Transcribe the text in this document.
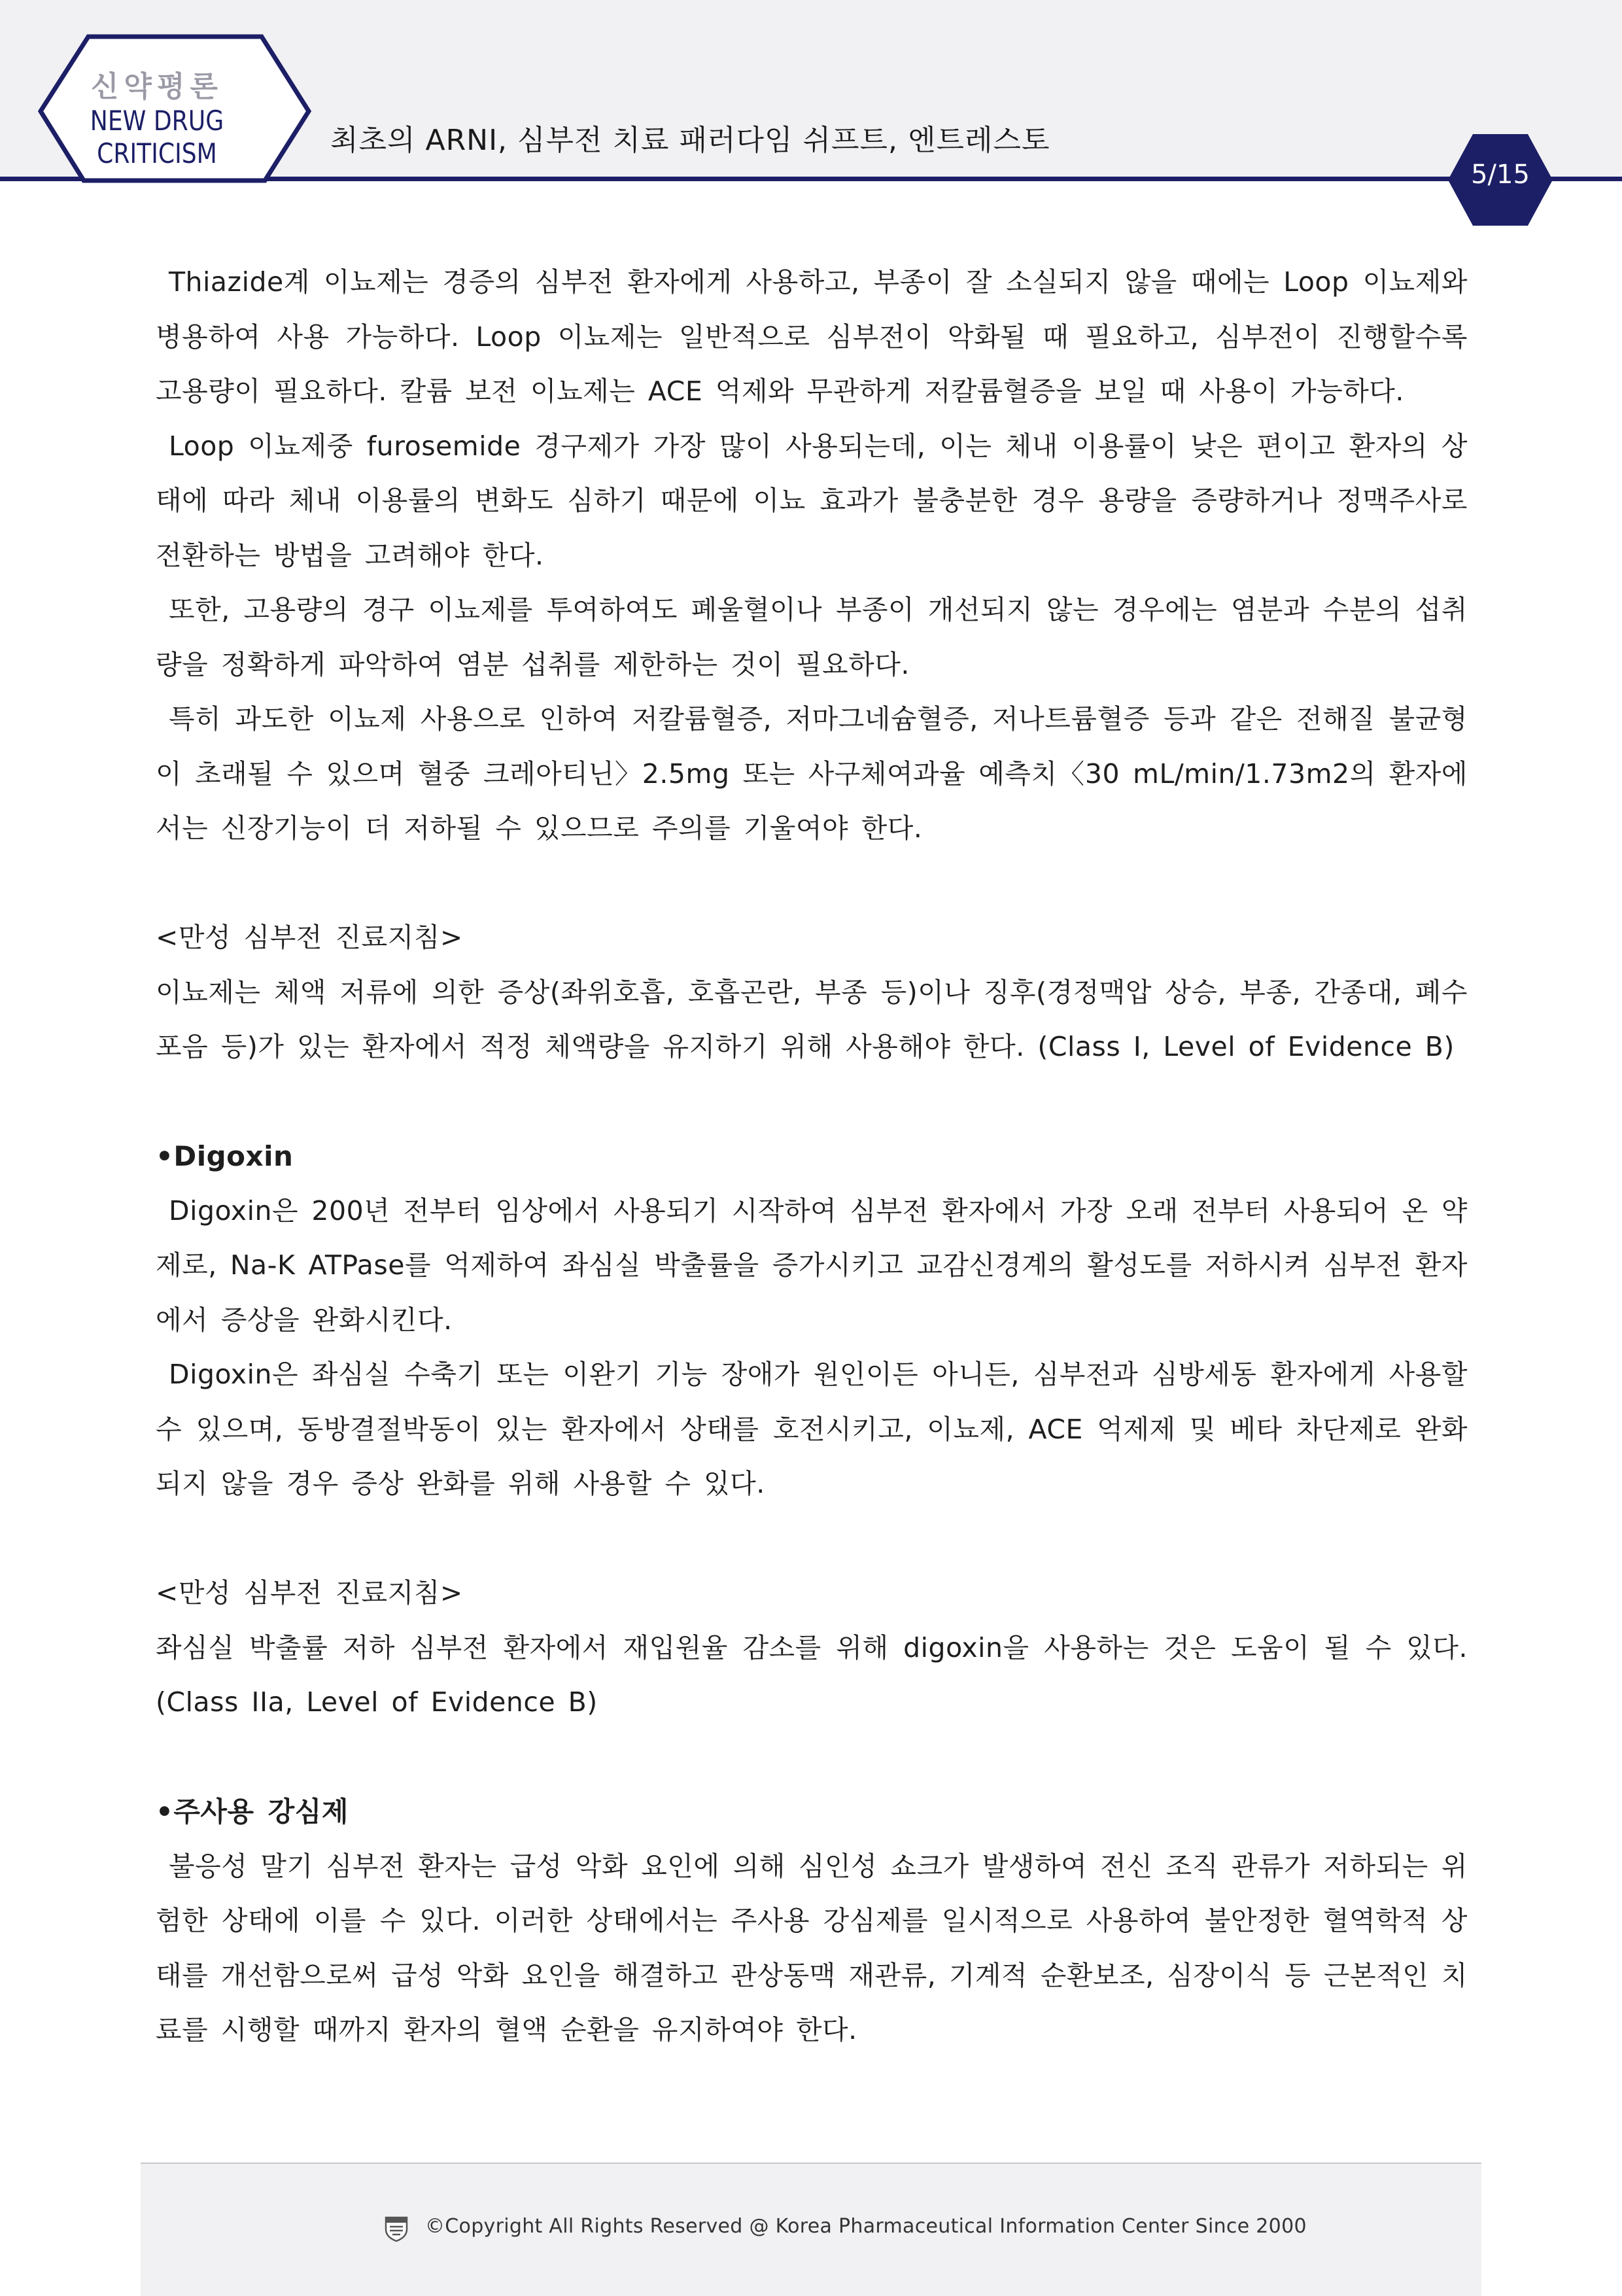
신약평론
NEW DRUG
CRITICISM	최초의 ARNI, 심부전 치료 패러다임 쉬프트, 엔트레스토
5/15

Thiazide계 이뇨제는 경증의 심부전 환자에게 사용하고, 부종이 잘 소실되지 않을 때에는 Loop 이뇨제와 병용하여 사용 가능하다. Loop 이뇨제는 일반적으로 심부전이 악화될 때 필요하고, 심부전이 진행할수록 고용량이 필요하다. 칼륨 보전 이뇨제는 ACE 억제와 무관하게 저칼륨혈증을 보일 때 사용이 가능하다.

Loop 이뇨제중 furosemide 경구제가 가장 많이 사용되는데, 이는 체내 이용률이 낮은 편이고 환자의 상태에 따라 체내 이용률의 변화도 심하기 때문에 이뇨 효과가 불충분한 경우 용량을 증량하거나 정맥주사로 전환하는 방법을 고려해야 한다.

또한, 고용량의 경구 이뇨제를 투여하여도 폐울혈이나 부종이 개선되지 않는 경우에는 염분과 수분의 섭취량을 정확하게 파악하여 염분 섭취를 제한하는 것이 필요하다.

특히 과도한 이뇨제 사용으로 인하여 저칼륨혈증, 저마그네슘혈증, 저나트륨혈증 등과 같은 전해질 불균형이 초래될 수 있으며 혈중 크레아티닌〉2.5mg 또는 사구체여과율 예측치〈30 mL/min/1.73m2의 환자에서는 신장기능이 더 저하될 수 있으므로 주의를 기울여야 한다.

<만성 심부전 진료지침>

이뇨제는 체액 저류에 의한 증상(좌위호흡, 호흡곤란, 부종 등)이나 징후(경정맥압 상승, 부종, 간종대, 폐수포음 등)가 있는 환자에서 적정 체액량을 유지하기 위해 사용해야 한다. (Class I, Level of Evidence B)

•Digoxin

Digoxin은 200년 전부터 임상에서 사용되기 시작하여 심부전 환자에서 가장 오래 전부터 사용되어 온 약제로, Na-K ATPase를 억제하여 좌심실 박출률을 증가시키고 교감신경계의 활성도를 저하시켜 심부전 환자에서 증상을 완화시킨다.

Digoxin은 좌심실 수축기 또는 이완기 기능 장애가 원인이든 아니든, 심부전과 심방세동 환자에게 사용할 수 있으며, 동방결절박동이 있는 환자에서 상태를 호전시키고, 이뇨제, ACE 억제제 및 베타 차단제로 완화되지 않을 경우 증상 완화를 위해 사용할 수 있다.

<만성 심부전 진료지침>

좌심실 박출률 저하 심부전 환자에서 재입원율 감소를 위해 digoxin을 사용하는 것은 도움이 될 수 있다. (Class IIa, Level of Evidence B)

•주사용 강심제

불응성 말기 심부전 환자는 급성 악화 요인에 의해 심인성 쇼크가 발생하여 전신 조직 관류가 저하되는 위험한 상태에 이를 수 있다. 이러한 상태에서는 주사용 강심제를 일시적으로 사용하여 불안정한 혈역학적 상태를 개선함으로써 급성 악화 요인을 해결하고 관상동맥 재관류, 기계적 순환보조, 심장이식 등 근본적인 치료를 시행할 때까지 환자의 혈액 순환을 유지하여야 한다.

©Copyright All Rights Reserved @ Korea Pharmaceutical Information Center Since 2000
